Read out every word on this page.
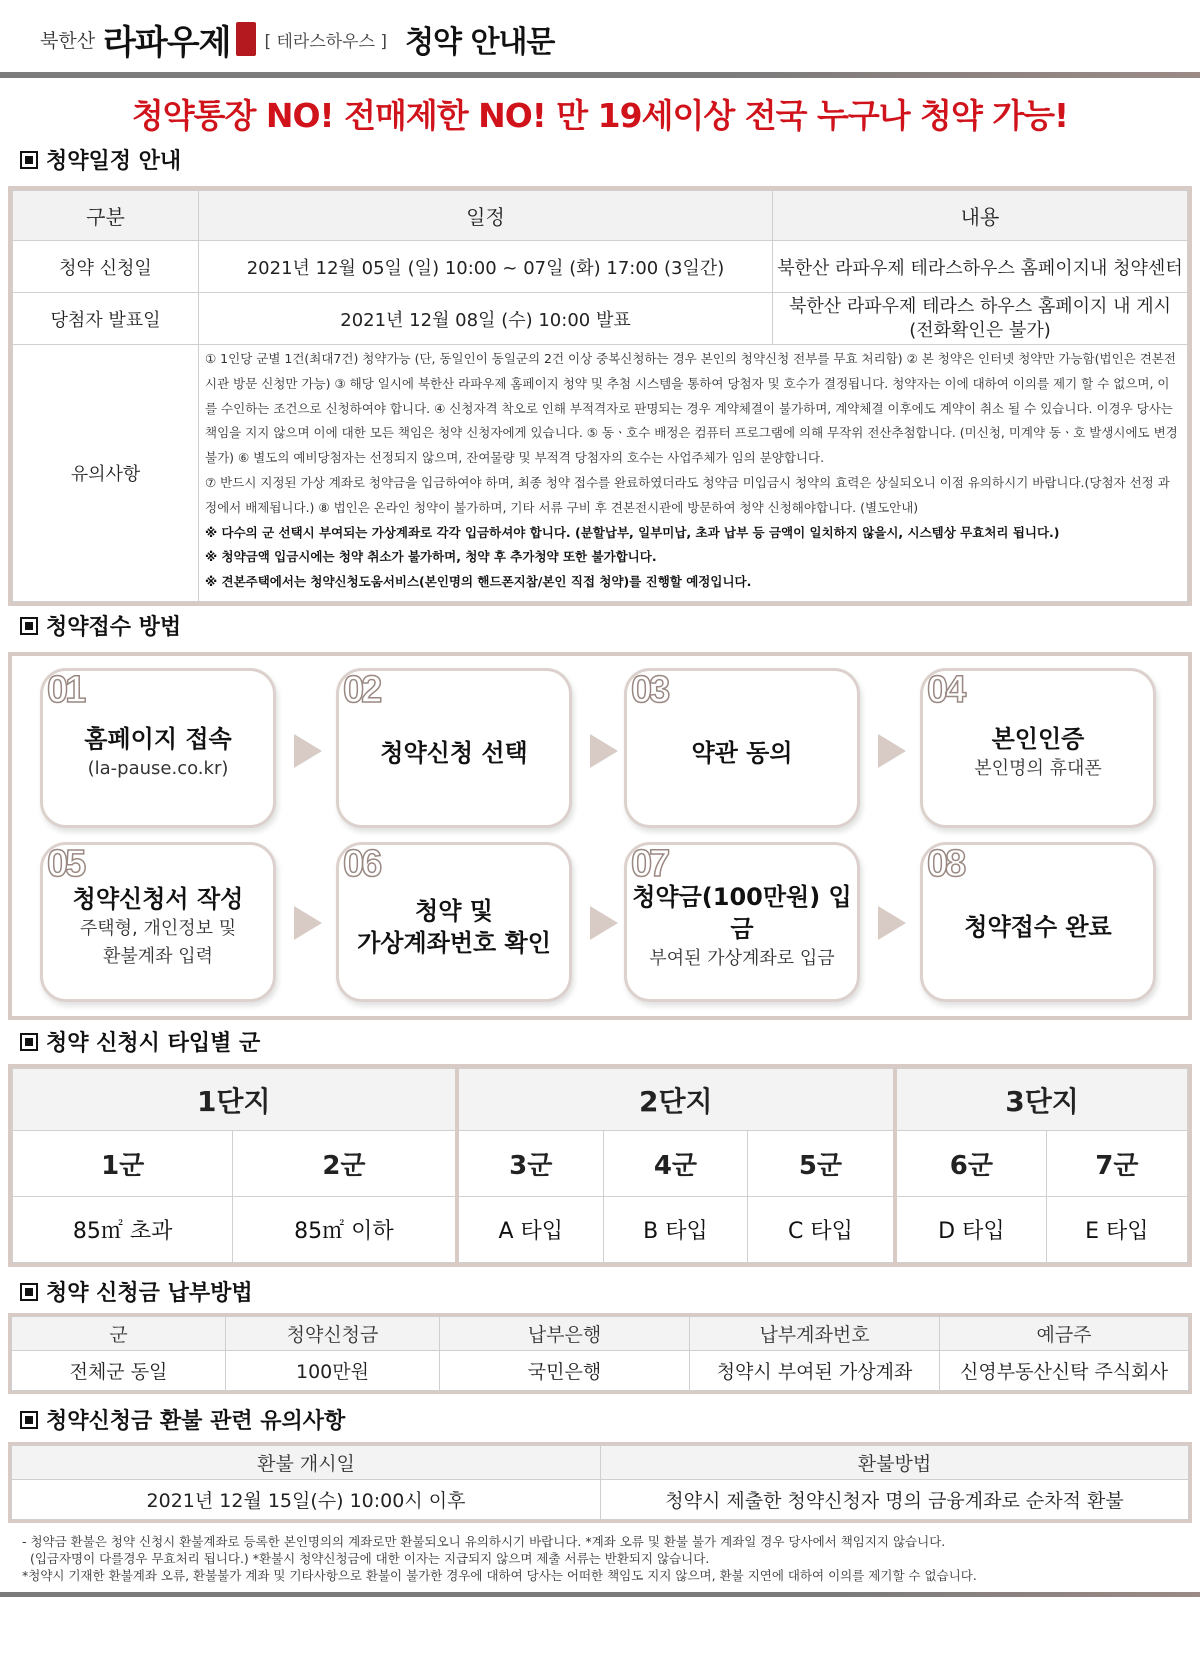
북한산 라파우제 [ 테라스하우스 ] 청약 안내문
청약통장 NO! 전매제한 NO! 만 19세이상 전국 누구나 청약 가능!
청약일정 안내
구분	일정	내용
청약 신청일	2021년 12월 05일 (일) 10:00 ~ 07일 (화) 17:00 (3일간)	북한산 라파우제 테라스하우스 홈페이지내 청약센터
당첨자 발표일	2021년 12월 08일 (수) 10:00 발표	북한산 라파우제 테라스 하우스 홈페이지 내 게시
(전화확인은 불가)

유의사항	① 1인당 군별 1건(최대7건) 청약가능 (단, 동일인이 동일군의 2건 이상 중복신청하는 경우 본인의 청약신청 전부를 무효 처리함) ② 본 청약은 인터넷 청약만 가능함(법인은 견본전시관 방문 신청만 가능) ③ 해당 일시에 북한산 라파우제 홈페이지 청약 및 추첨 시스템을 통하여 당첨자 및 호수가 결정됩니다. 청약자는 이에 대하여 이의를 제기 할 수 없으며, 이를 수인하는 조건으로 신청하여야 합니다. ④ 신청자격 착오로 인해 부적격자로 판명되는 경우 계약체결이 불가하며, 계약체결 이후에도 계약이 취소 될 수 있습니다. 이경우 당사는 책임을 지지 않으며 이에 대한 모든 책임은 청약 신청자에게 있습니다. ⑤ 동ㆍ호수 배정은 컴퓨터 프로그램에 의해 무작위 전산추첨합니다. (미신청, 미계약 동ㆍ호 발생시에도 변경 불가) ⑥ 별도의 예비당첨자는 선정되지 않으며, 잔여물량 및 부적격 당첨자의 호수는 사업주체가 임의 분양합니다.

⑦ 반드시 지정된 가상 계좌로 청약금을 입금하여야 하며, 최종 청약 접수를 완료하였더라도 청약금 미입금시 청약의 효력은 상실되오니 이점 유의하시기 바랍니다.(당첨자 선정 과정에서 배제됩니다.) ⑧ 법인은 온라인 청약이 불가하며, 기타 서류 구비 후 견본전시관에 방문하여 청약 신청해야합니다. (별도안내)

※ 다수의 군 선택시 부여되는 가상계좌로 각각 입금하셔야 합니다. (분할납부, 일부미납, 초과 납부 등 금액이 일치하지 않을시, 시스템상 무효처리 됩니다.)

※ 청약금액 입금시에는 청약 취소가 불가하며, 청약 후 추가청약 또한 불가합니다.

※ 견본주택에서는 청약신청도움서비스(본인명의 핸드폰지참/본인 직접 청약)를 진행할 예정입니다.	

청약접수 방법
01
홈페이지 접속
(la-pause.co.kr)
02
청약신청 선택
03
약관 동의
04
본인인증
본인명의 휴대폰
05
청약신청서 작성
주택형, 개인정보 및
환불계좌 입력
06
청약 및
가상계좌번호 확인
07
청약금(100만원) 입금
부여된 가상계좌로 입금
08
청약접수 완료
청약 신청시 타입별 군
1단지		2단지			3단지	
1군	2군	3군	4군	5군	6군	7군
85㎡ 초과	85㎡ 이하	A 타입	B 타입	C 타입	D 타입	E 타입
청약 신청금 납부방법
군	청약신청금	납부은행	납부계좌번호	예금주
전체군 동일	100만원	국민은행	청약시 부여된 가상계좌	신영부동산신탁 주식회사
청약신청금 환불 관련 유의사항
환불 개시일	환불방법
2021년 12월 15일(수) 10:00시 이후	청약시 제출한 청약신청자 명의 금융계좌로 순차적 환불
- 청약금 환불은 청약 신청시 환불계좌로 등록한 본인명의의 계좌로만 환불되오니 유의하시기 바랍니다. *계좌 오류 및 환불 불가 계좌일 경우 당사에서 책임지지 않습니다.
(입금자명이 다를경우 무효처리 됩니다.) *환불시 청약신청금에 대한 이자는 지급되지 않으며 제출 서류는 반환되지 않습니다.
*청약시 기재한 환불계좌 오류, 환불불가 계좌 및 기타사항으로 환불이 불가한 경우에 대하여 당사는 어떠한 책임도 지지 않으며, 환불 지연에 대하여 이의를 제기할 수 없습니다.
